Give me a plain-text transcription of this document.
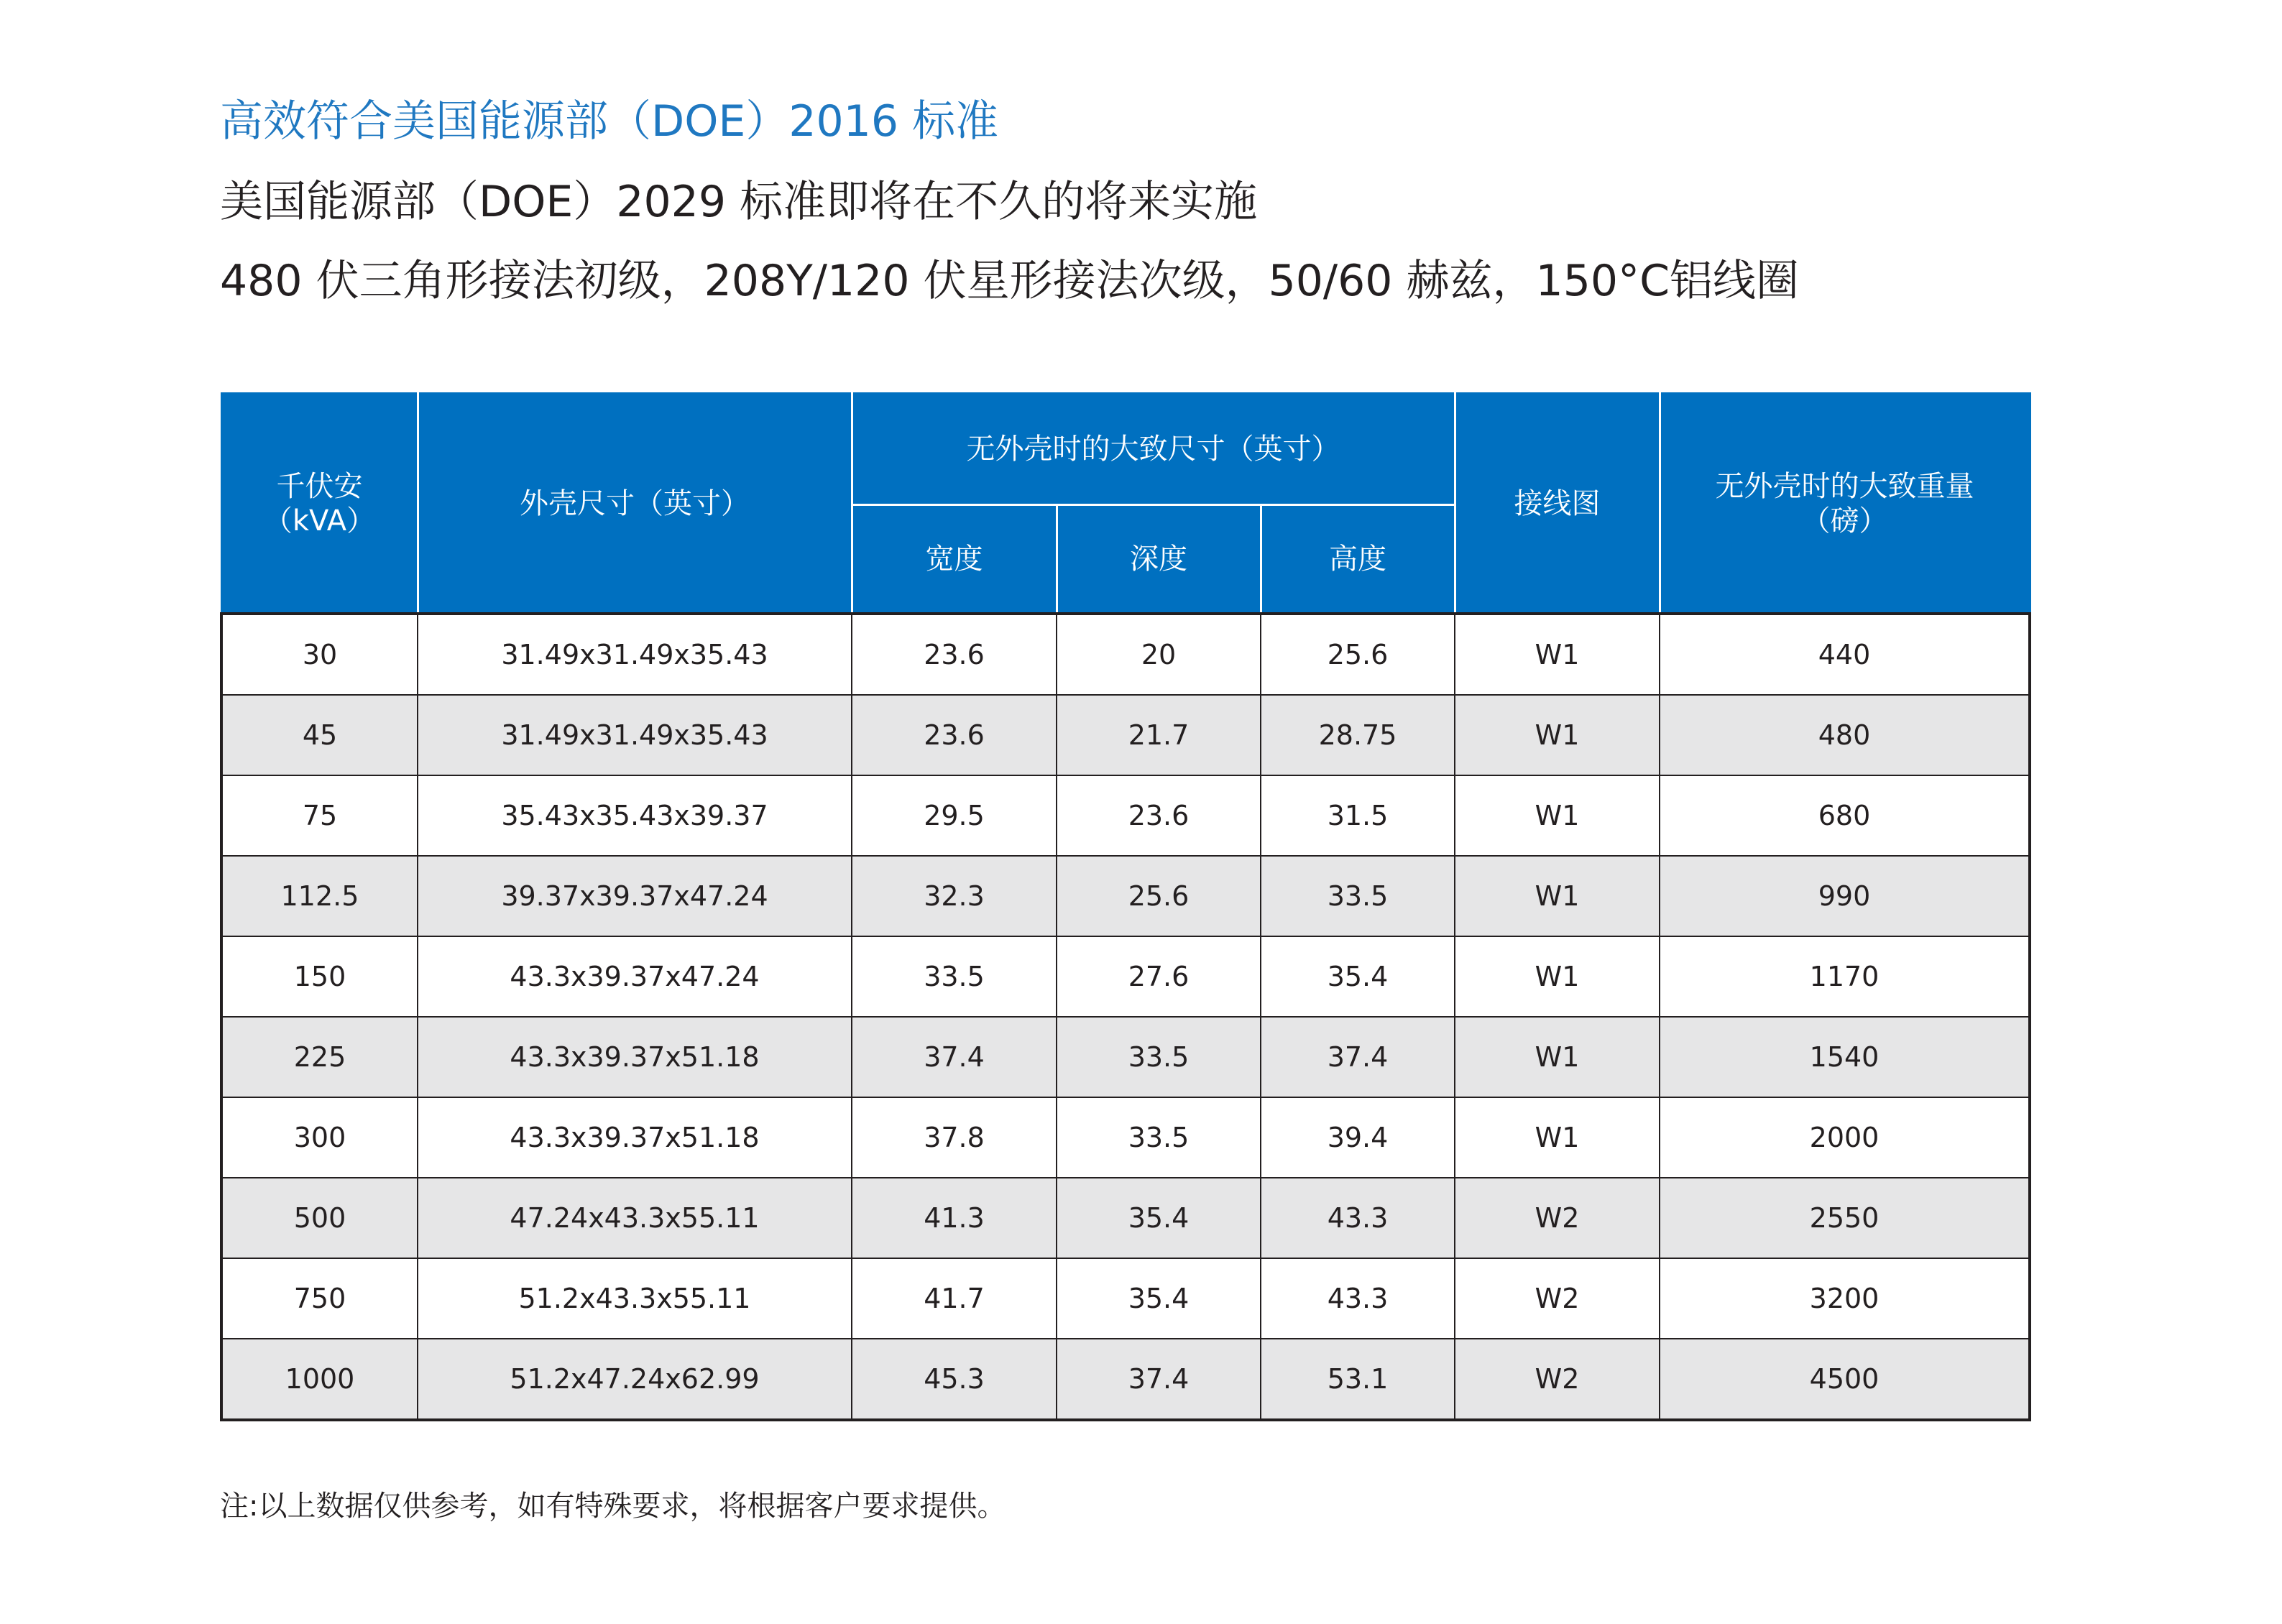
高效符合美国能源部（DOE）2016 标准
美国能源部（DOE）2029 标准即将在不久的将来实施
480 伏三角形接法初级，208Y/120 伏星形接法次级，50/60 赫兹，150°C铝线圈
千伏安
（kVA）	外壳尺寸（英寸）	无外壳时的大致尺寸（英寸）			接线图	无外壳时的大致重量（磅）
		宽度	深度	高度		
30	31.49x31.49x35.43	23.6	20	25.6	W1	440
45	31.49x31.49x35.43	23.6	21.7	28.75	W1	480
75	35.43x35.43x39.37	29.5	23.6	31.5	W1	680
112.5	39.37x39.37x47.24	32.3	25.6	33.5	W1	990
150	43.3x39.37x47.24	33.5	27.6	35.4	W1	1170
225	43.3x39.37x51.18	37.4	33.5	37.4	W1	1540
300	43.3x39.37x51.18	37.8	33.5	39.4	W1	2000
500	47.24x43.3x55.11	41.3	35.4	43.3	W2	2550
750	51.2x43.3x55.11	41.7	35.4	43.3	W2	3200
1000	51.2x47.24x62.99	45.3	37.4	53.1	W2	4500
注:以上数据仅供参考，如有特殊要求，将根据客户要求提供。
